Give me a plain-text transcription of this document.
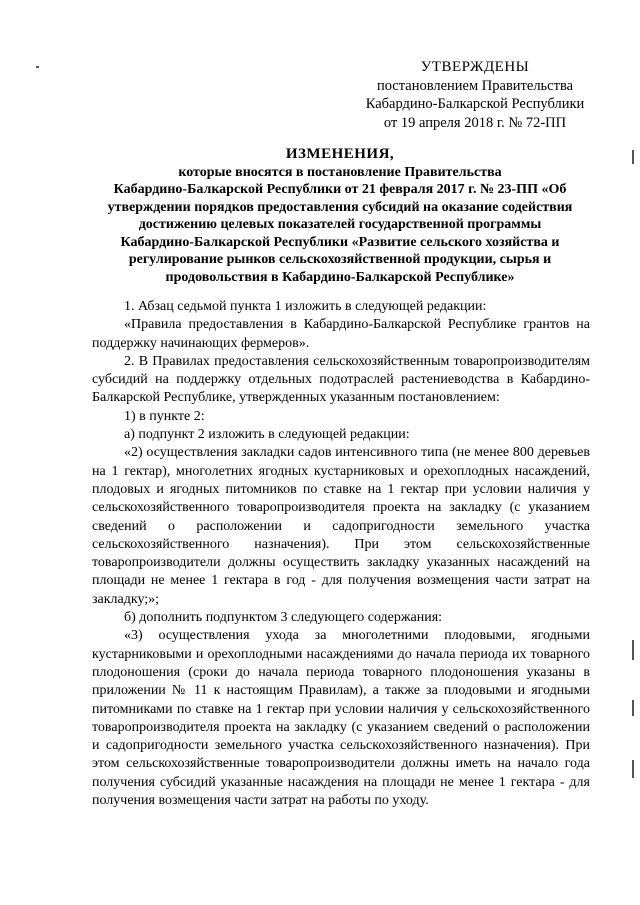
УТВЕРЖДЕНЫ
постановлением Правительства
Кабардино-Балкарской Республики
от 19 апреля 2018 г. № 72-ПП
ИЗМЕНЕНИЯ,
которые вносятся в постановление Правительства
Кабардино-Балкарской Республики от 21 февраля 2017 г. № 23-ПП «Об
утверждении порядков предоставления субсидий на оказание содействия
достижению целевых показателей государственной программы
Кабардино-Балкарской Республики «Развитие сельского хозяйства и
регулирование рынков сельскохозяйственной продукции, сырья и
продовольствия в Кабардино-Балкарской Республике»

1. Абзац седьмой пункта 1 изложить в следующей редакции:

«Правила предоставления в Кабардино-Балкарской Республике грантов на поддержку начинающих фермеров».

2. В Правилах предоставления сельскохозяйственным товаропроизводителям субсидий на поддержку отдельных подотраслей растениеводства в Кабардино-Балкарской Республике, утвержденных указанным постановлением:

1) в пункте 2:

а) подпункт 2 изложить в следующей редакции:

«2) осуществления закладки садов интенсивного типа (не менее 800 деревьев на 1 гектар), многолетних ягодных кустарниковых и орехоплодных насаждений, плодовых и ягодных питомников по ставке на 1 гектар при условии наличия у сельскохозяйственного товаропроизводителя проекта на закладку (с указанием сведений о расположении и садопригодности земельного участка сельскохозяйственного назначения). При этом сельскохозяйственные товаропроизводители должны осуществить закладку указанных насаждений на площади не менее 1 гектара в год - для получения возмещения части затрат на закладку;»;

б) дополнить подпунктом 3 следующего содержания:

«3) осуществления ухода за многолетними плодовыми, ягодными кустарниковыми и орехоплодными насаждениями до начала периода их товарного плодоношения (сроки до начала периода товарного плодоношения указаны в приложении № 11 к настоящим Правилам), а также за плодовыми и ягодными питомниками по ставке на 1 гектар при условии наличия у сельскохозяйственного товаропроизводителя проекта на закладку (с указанием сведений о расположении и садопригодности земельного участка сельскохозяйственного назначения). При этом сельскохозяйственные товаропроизводители должны иметь на начало года получения субсидий указанные насаждения на площади не менее 1 гектара - для получения возмещения части затрат на работы по уходу.
